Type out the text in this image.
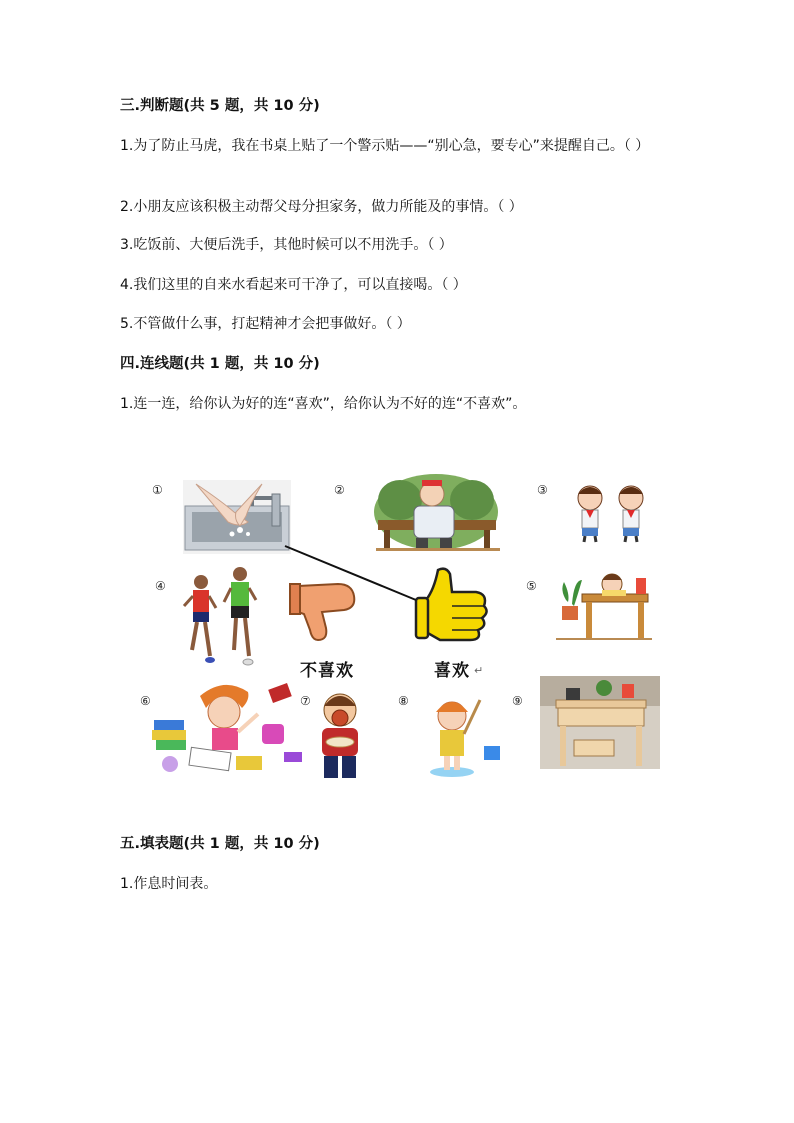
三.判断题(共 5 题，共 10 分)
1.为了防止马虎，我在书桌上贴了一个警示贴——“别心急，要专心”来提醒自己。（ ）
2.小朋友应该积极主动帮父母分担家务，做力所能及的事情。（ ）
3.吃饭前、大便后洗手，其他时候可以不用洗手。（ ）
4.我们这里的自来水看起来可干净了，可以直接喝。（ ）
5.不管做什么事，打起精神才会把事做好。（ ）
四.连线题(共 1 题，共 10 分)
1.连一连，给你认为好的连“喜欢”，给你认为不好的连“不喜欢”。
①	②	③
④	⑤
⑥	⑦	⑧	⑨
不喜欢	喜欢 ↵
五.填表题(共 1 题，共 10 分)
1.作息时间表。
